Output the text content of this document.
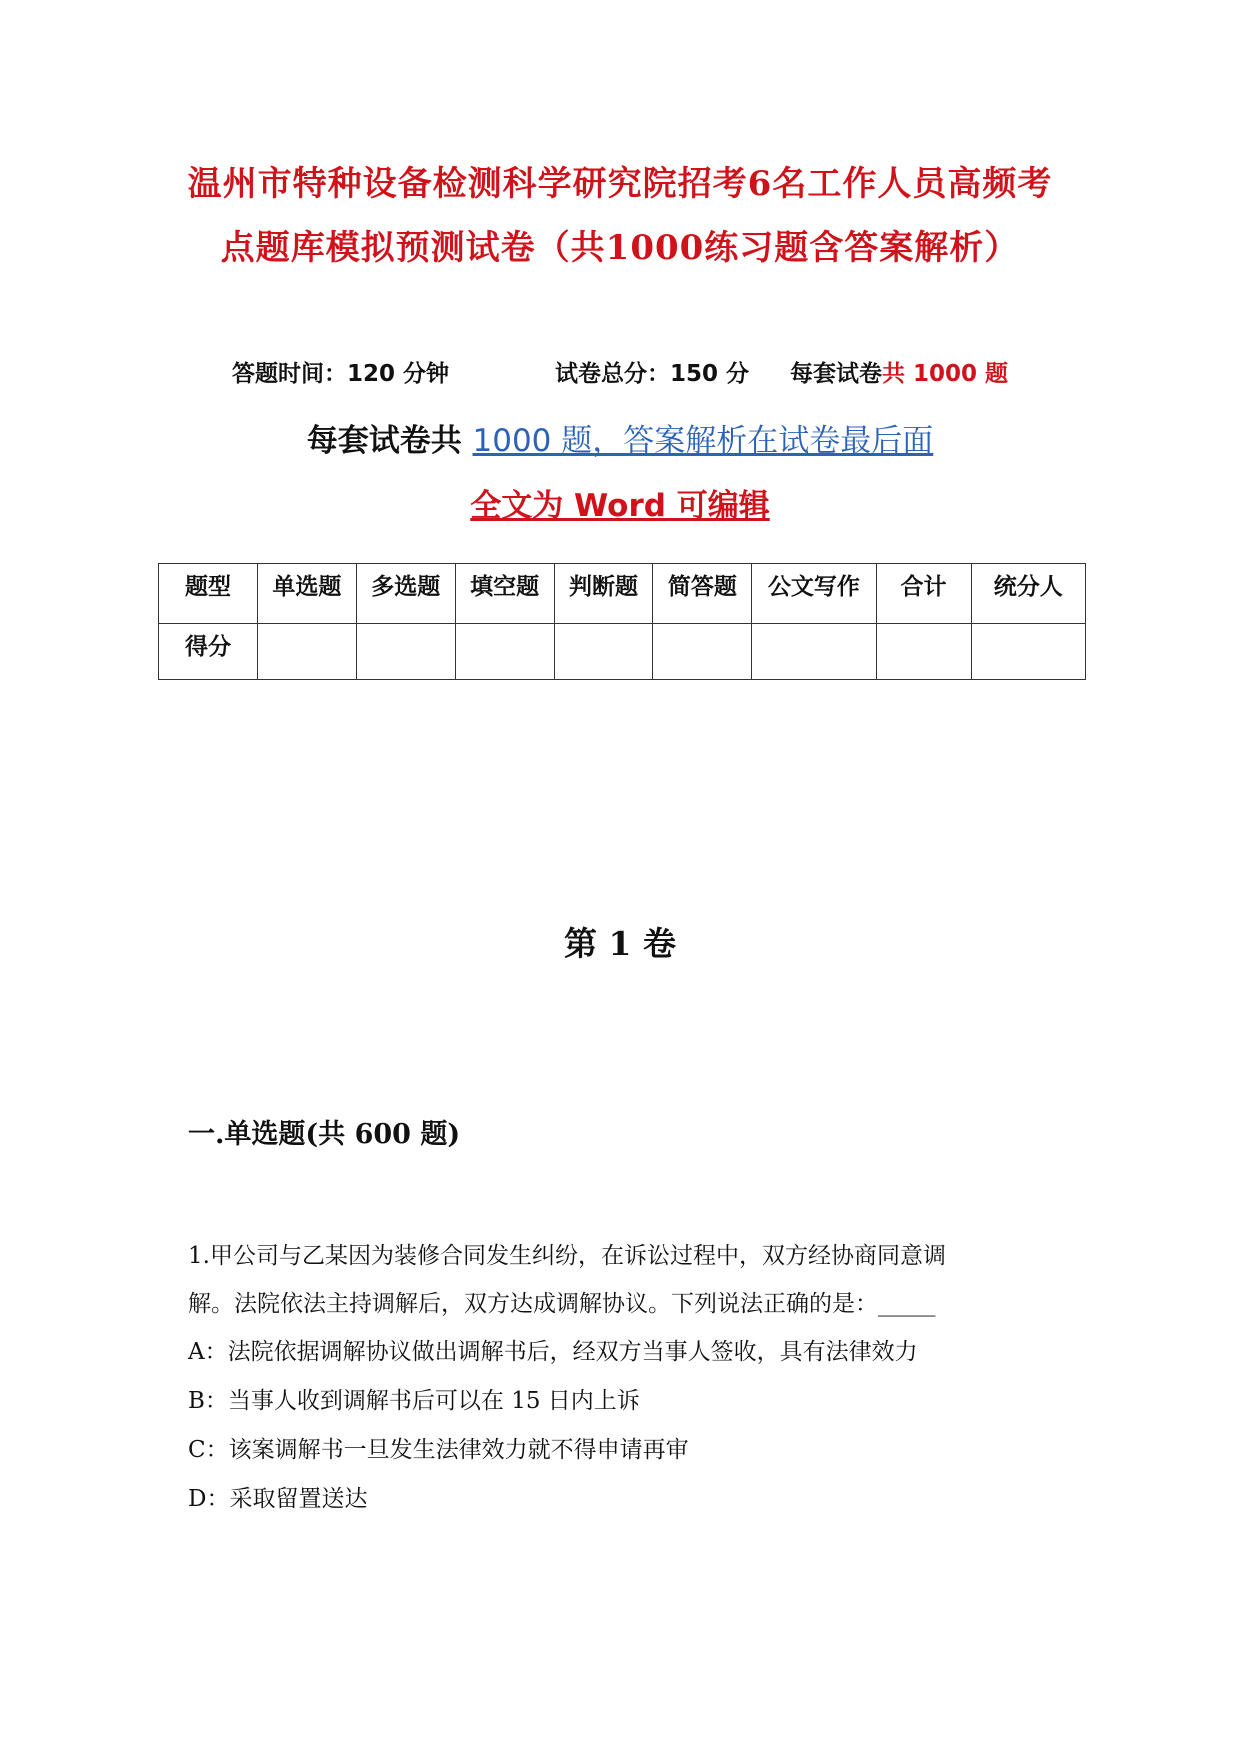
温州市特种设备检测科学研究院招考6名工作人员高频考
点题库模拟预测试卷（共1000练习题含答案解析）
答题时间：120 分钟	试卷总分：150 分 每套试卷共 1000 题
每套试卷共 1000 题，答案解析在试卷最后面
全文为 Word 可编辑
题型	单选题	多选题	填空题	判断题	简答题	公文写作	合计	统分人
得分								
第 1 卷
一.单选题(共 600 题)
1.甲公司与乙某因为装修合同发生纠纷，在诉讼过程中，双方经协商同意调
解。法院依法主持调解后，双方达成调解协议。下列说法正确的是：_____
A：法院依据调解协议做出调解书后，经双方当事人签收，具有法律效力
B：当事人收到调解书后可以在 15 日内上诉
C：该案调解书一旦发生法律效力就不得申请再审
D：采取留置送达
